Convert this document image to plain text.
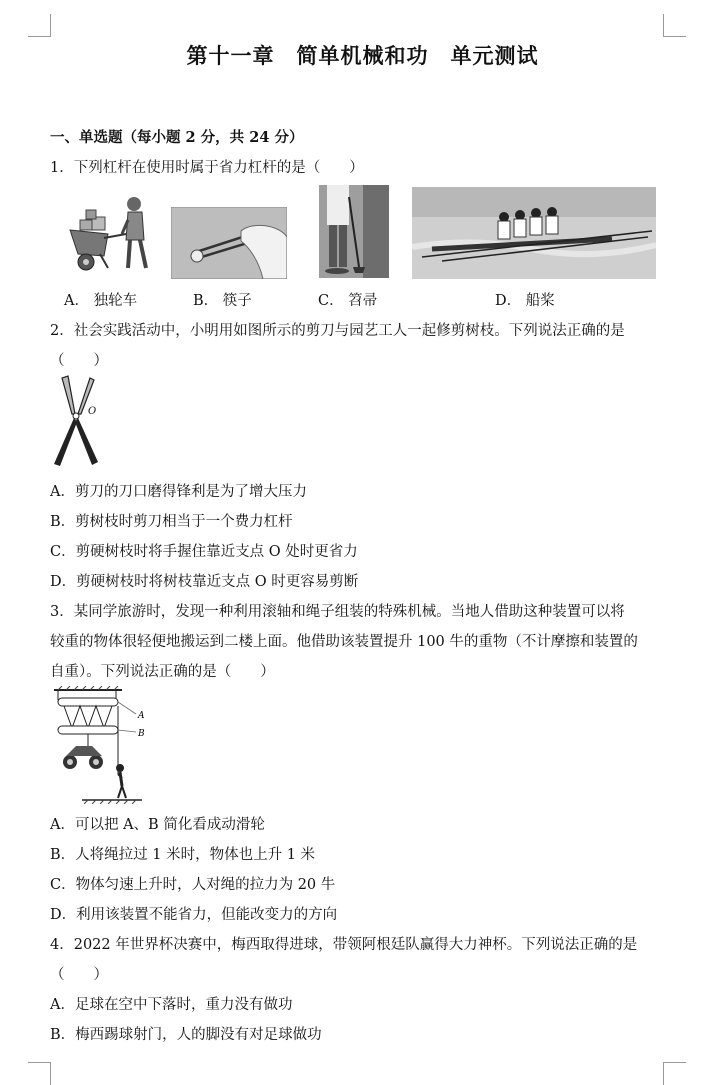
第十一章　简单机械和功　单元测试
一、单选题（每小题 2 分，共 24 分）
1．下列杠杆在使用时属于省力杠杆的是（　　）
A． 独轮车	B． 筷子	C． 笤帚	D． 船桨
2．社会实践活动中，小明用如图所示的剪刀与园艺工人一起修剪树枝。下列说法正确的是
（　　）
O
A．剪刀的刀口磨得锋利是为了增大压力
B．剪树枝时剪刀相当于一个费力杠杆
C．剪硬树枝时将手握住靠近支点 O 处时更省力
D．剪硬树枝时将树枝靠近支点 O 时更容易剪断
3．某同学旅游时，发现一种利用滚轴和绳子组装的特殊机械。当地人借助这种装置可以将
较重的物体很轻便地搬运到二楼上面。他借助该装置提升 100 牛的重物（不计摩擦和装置的
自重）。下列说法正确的是（　　）
A
B
A．可以把 A、B 简化看成动滑轮
B．人将绳拉过 1 米时，物体也上升 1 米
C．物体匀速上升时，人对绳的拉力为 20 牛
D．利用该装置不能省力，但能改变力的方向
4．2022 年世界杯决赛中，梅西取得进球，带领阿根廷队赢得大力神杯。下列说法正确的是
（　　）
A．足球在空中下落时，重力没有做功
B．梅西踢球射门，人的脚没有对足球做功
